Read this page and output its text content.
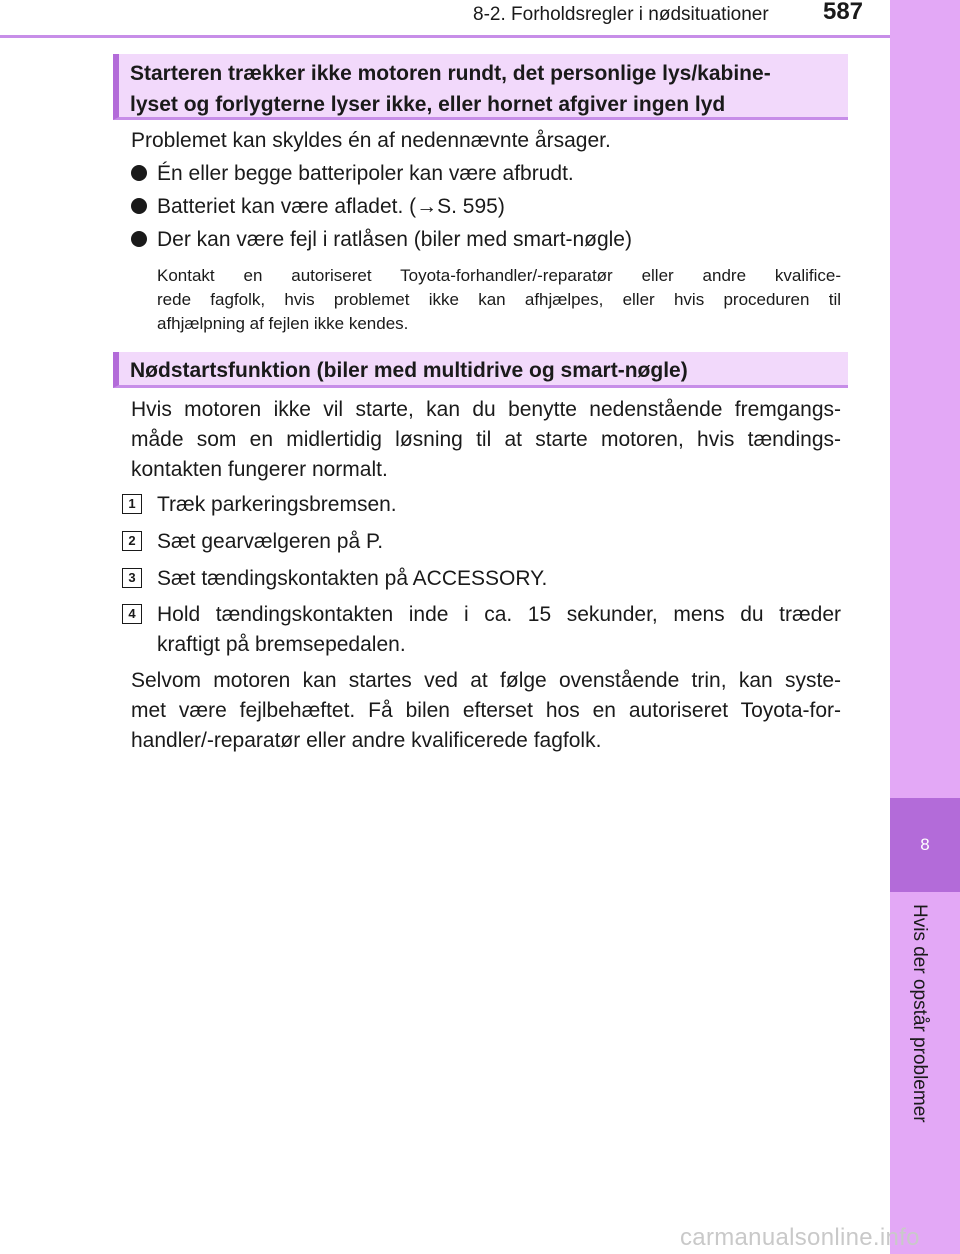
8-2. Forholdsregler i nødsituationer	587
8
Hvis der opstår problemer
Starteren trækker ikke motoren rundt, det personlige lys/kabine-
lyset og forlygterne lyser ikke, eller hornet afgiver ingen lyd
Problemet kan skyldes én af nedennævnte årsager.
Én eller begge batteripoler kan være afbrudt.
Batteriet kan være afladet. (→S. 595)
Der kan være fejl i ratlåsen (biler med smart-nøgle)
Kontakt en autoriseret Toyota-forhandler/-reparatør eller andre kvalifice-
rede fagfolk, hvis problemet ikke kan afhjælpes, eller hvis proceduren til
afhjælpning af fejlen ikke kendes.
Nødstartsfunktion (biler med multidrive og smart-nøgle)
Hvis motoren ikke vil starte, kan du benytte nedenstående fremgangs-
måde som en midlertidig løsning til at starte motoren, hvis tændings-
kontakten fungerer normalt.
1	Træk parkeringsbremsen.
2	Sæt gearvælgeren på P.
3	Sæt tændingskontakten på ACCESSORY.
4	Hold tændingskontakten inde i ca. 15 sekunder, mens du træder
kraftigt på bremsepedalen.
Selvom motoren kan startes ved at følge ovenstående trin, kan syste-
met være fejlbehæftet. Få bilen efterset hos en autoriseret Toyota-for-
handler/-reparatør eller andre kvalificerede fagfolk.
carmanualsonline.info
